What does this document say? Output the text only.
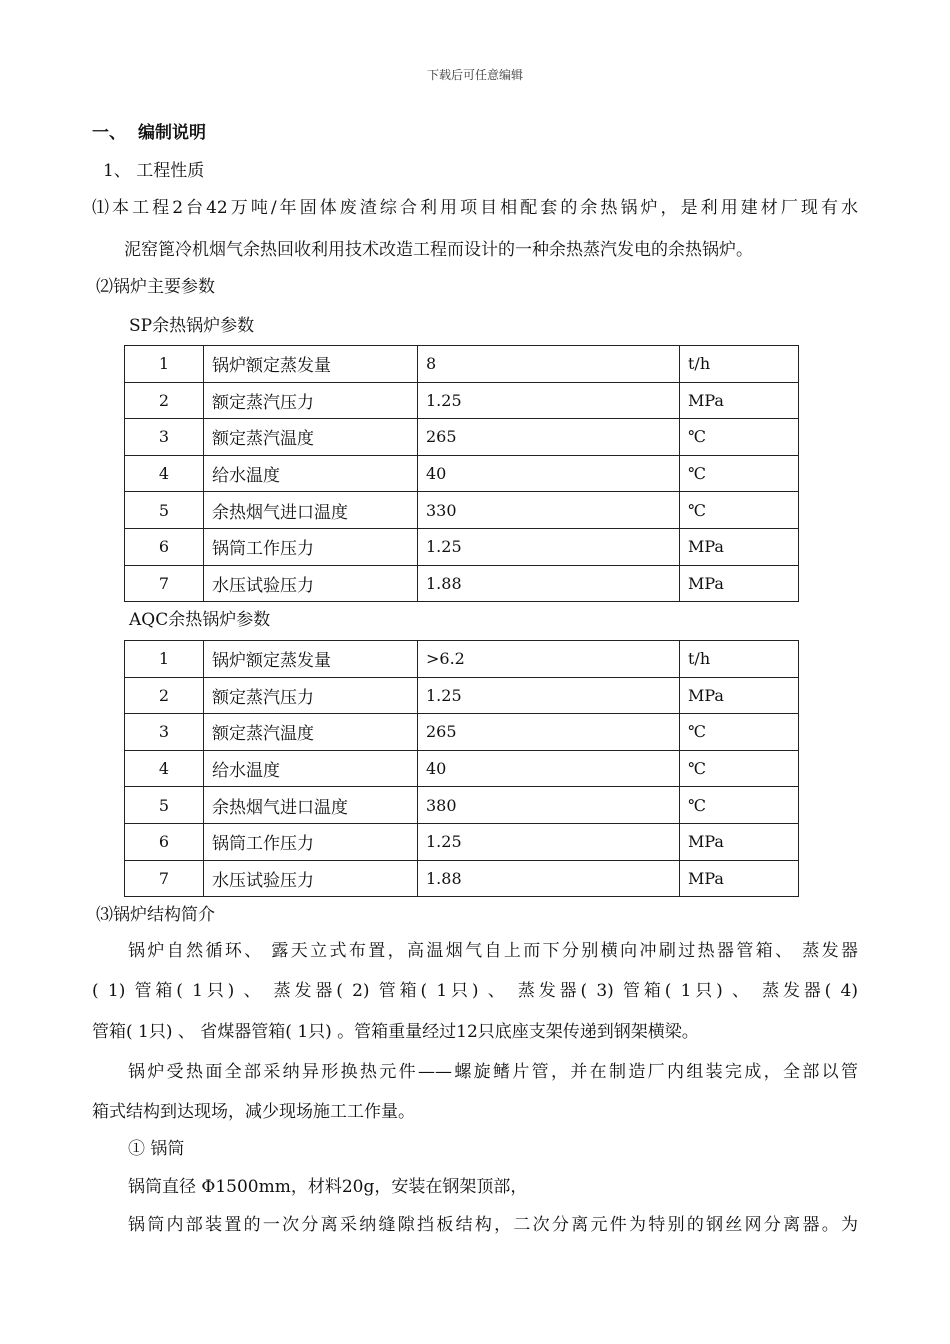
下载后可任意编辑
一、 编制说明
1、 工程性质
⑴本工程2台42万吨/年固体废渣综合利用项目相配套的余热锅炉，是利用建材厂现有水
泥窑篦冷机烟气余热回收利用技术改造工程而设计的一种余热蒸汽发电的余热锅炉。
⑵锅炉主要参数
SP余热锅炉参数
1	锅炉额定蒸发量	8	t/h
2	额定蒸汽压力	1.25	MPa
3	额定蒸汽温度	265	℃
4	给水温度	40	℃
5	余热烟气进口温度	330	℃
6	锅筒工作压力	1.25	MPa
7	水压试验压力	1.88	MPa
AQC余热锅炉参数
1	锅炉额定蒸发量	>6.2	t/h
2	额定蒸汽压力	1.25	MPa
3	额定蒸汽温度	265	℃
4	给水温度	40	℃
5	余热烟气进口温度	380	℃
6	锅筒工作压力	1.25	MPa
7	水压试验压力	1.88	MPa
⑶锅炉结构简介
锅炉自然循环、 露天立式布置，高温烟气自上而下分别横向冲刷过热器管箱、 蒸发器
( 1) 管箱( 1只) 、 蒸发器( 2) 管箱( 1只) 、 蒸发器( 3) 管箱( 1只) 、 蒸发器( 4)
管箱( 1只) 、 省煤器管箱( 1只) 。管箱重量经过12只底座支架传递到钢架横梁。
锅炉受热面全部采纳异形换热元件——螺旋鳍片管，并在制造厂内组装完成，全部以管
箱式结构到达现场，减少现场施工工作量。
① 锅筒
锅筒直径 Φ1500mm，材料20g，安装在钢架顶部，
锅筒内部装置的一次分离采纳缝隙挡板结构，二次分离元件为特别的钢丝网分离器。为
